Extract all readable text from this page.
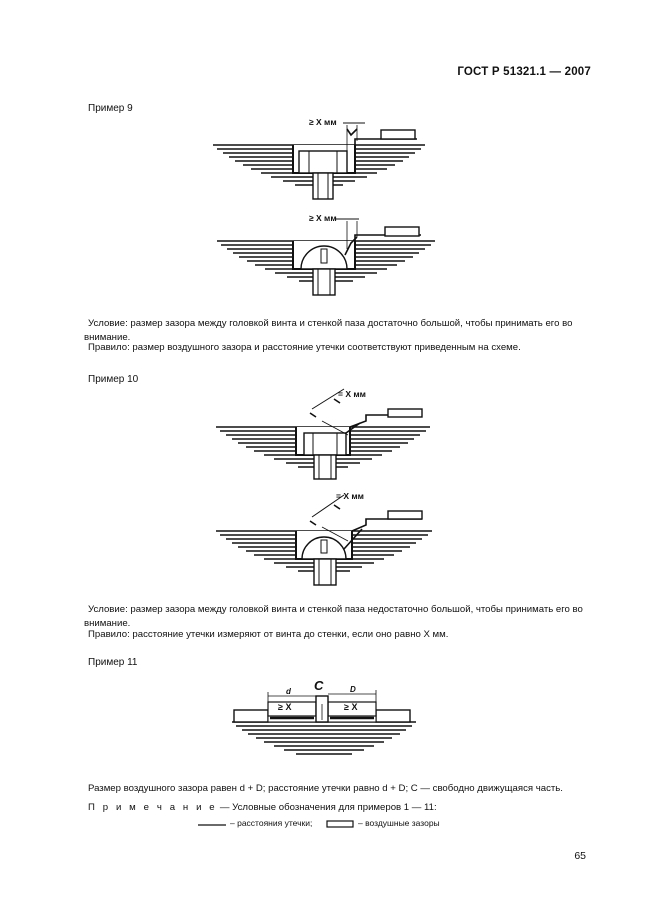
ГОСТ Р 51321.1 — 2007
Пример 9
≥ X мм
≥ X мм
Условие: размер зазора между головкой винта и стенкой паза достаточно большой, чтобы принимать его во внимание.
Правило: размер воздушного зазора и расстояние утечки соответствуют приведенным на схеме.
Пример 10
= X мм
= X мм
Условие: размер зазора между головкой винта и стенкой паза недостаточно большой, чтобы принимать его во внимание.
Правило: расстояние утечки измеряют от винта до стенки, если оно равно X мм.
Пример 11
C
d	D
≥ X	≥ X
Размер воздушного зазора равен d + D; расстояние утечки равно d + D; C — свободно движущаяся часть.
П р и м е ч а н и е — Условные обозначения для примеров 1 — 11:
– расстояния утечки;	– воздушные зазоры
65
